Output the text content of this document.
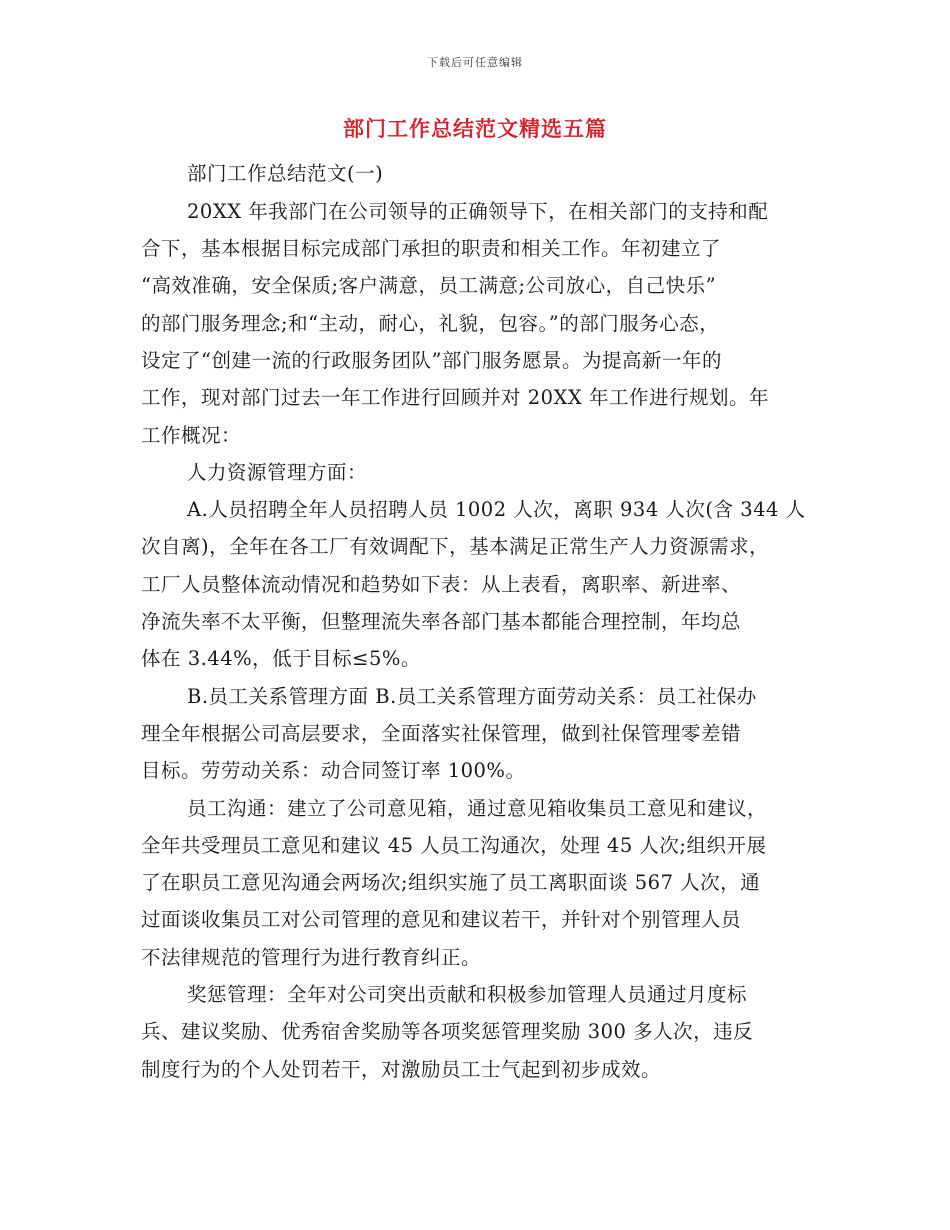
下载后可任意编辑
部门工作总结范文精选五篇
部门工作总结范文(一)
20XX 年我部门在公司领导的正确领导下，在相关部门的支持和配
合下，基本根据目标完成部门承担的职责和相关工作。年初建立了
“高效准确，安全保质;客户满意，员工满意;公司放心，自己快乐”
的部门服务理念;和“主动，耐心，礼貌，包容。”的部门服务心态，
设定了“创建一流的行政服务团队”部门服务愿景。为提高新一年的
工作，现对部门过去一年工作进行回顾并对 20XX 年工作进行规划。年
工作概况：
人力资源管理方面：
A.人员招聘全年人员招聘人员 1002 人次，离职 934 人次(含 344 人
次自离)，全年在各工厂有效调配下，基本满足正常生产人力资源需求，
工厂人员整体流动情况和趋势如下表：从上表看，离职率、新进率、
净流失率不太平衡，但整理流失率各部门基本都能合理控制，年均总
体在 3.44%，低于目标≤5%。
B.员工关系管理方面 B.员工关系管理方面劳动关系：员工社保办
理全年根据公司高层要求，全面落实社保管理，做到社保管理零差错
目标。劳劳动关系：动合同签订率 100%。
员工沟通：建立了公司意见箱，通过意见箱收集员工意见和建议，
全年共受理员工意见和建议 45 人员工沟通次，处理 45 人次;组织开展
了在职员工意见沟通会两场次;组织实施了员工离职面谈 567 人次，通
过面谈收集员工对公司管理的意见和建议若干，并针对个别管理人员
不法律规范的管理行为进行教育纠正。
奖惩管理：全年对公司突出贡献和积极参加管理人员通过月度标
兵、建议奖励、优秀宿舍奖励等各项奖惩管理奖励 300 多人次，违反
制度行为的个人处罚若干，对激励员工士气起到初步成效。
